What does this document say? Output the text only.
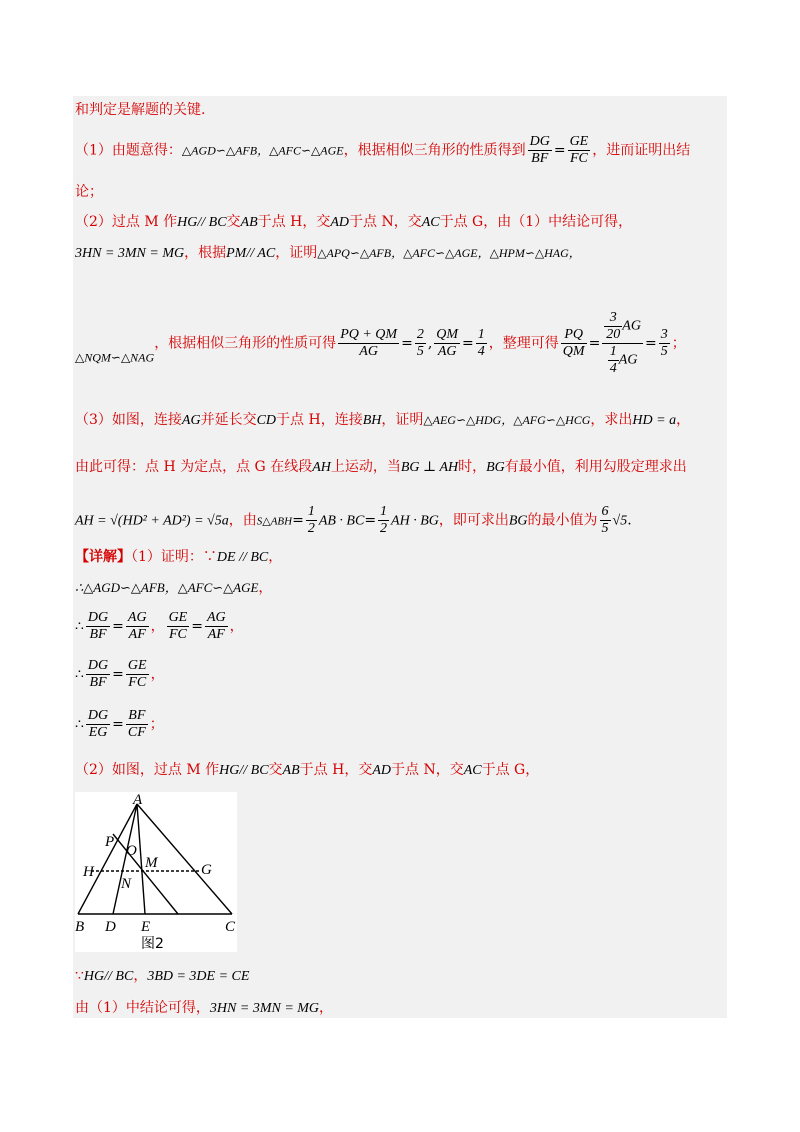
和判定是解题的关键.
（1）由题意得：△AGD∽△AFB，△AFC∽△AGE，根据相似三角形的性质得到 $\frac{DG}{BF} = \frac{GE}{FC}$ ，进而证明出结
论；
（2）过点 M 作HG// BC交AB于点 H，交AD于点 N，交AC于点 G，由（1）中结论可得，
3HN = 3MN = MG，根据PM// AC，证明△APQ∽△AFB，△AFC∽△AGE，△HPM∽△HAG，
△NQM∽△NAG，根据相似三角形的性质可得 $\frac{PQ + QM}{AG} = \frac{2}{5}$ , $\frac{QM}{AG} = \frac{1}{4}$ ，整理可得 $\frac{PQ}{QM} = \frac{\frac{3}{20} AG}{\frac{1}{4} AG} = \frac{3}{5}$ ；
（3）如图，连接AG并延长交CD于点 H，连接BH，证明△AEG∽△HDG，△AFG∽△HCG，求出HD = a，
由此可得：点 H 为定点，点 G 在线段AH上运动，当BG ⊥ AH时，BG有最小值，利用勾股定理求出
AH = √(HD² + AD²) = √5a，由S△ABH= $\frac{1}{2}$ AB · $BC= \frac{1}{2}$ AH · BG，即可求出BG的最小值为 $\frac{6}{5} √5$.
【详解】（1）证明：∵DE // BC，
∴△AGD∽△AFB，△AFC∽△AGE，
∴ $\frac{DG}{BF} = \frac{AG}{AF}$ ， $\frac{GE}{FC} = \frac{AG}{AF}$ ，
∴ $\frac{DG}{BF} = \frac{GE}{FC}$ ，
∴ $\frac{DG}{EG} = \frac{BF}{CF}$ ；
（2）如图，过点 M 作HG// BC交AB于点 H，交AD于点 N，交AC于点 G，
A
P
O
M
H	G
N
B D E	C
图2
∵HG// BC，3BD = 3DE = CE
由（1）中结论可得，3HN = 3MN = MG，
